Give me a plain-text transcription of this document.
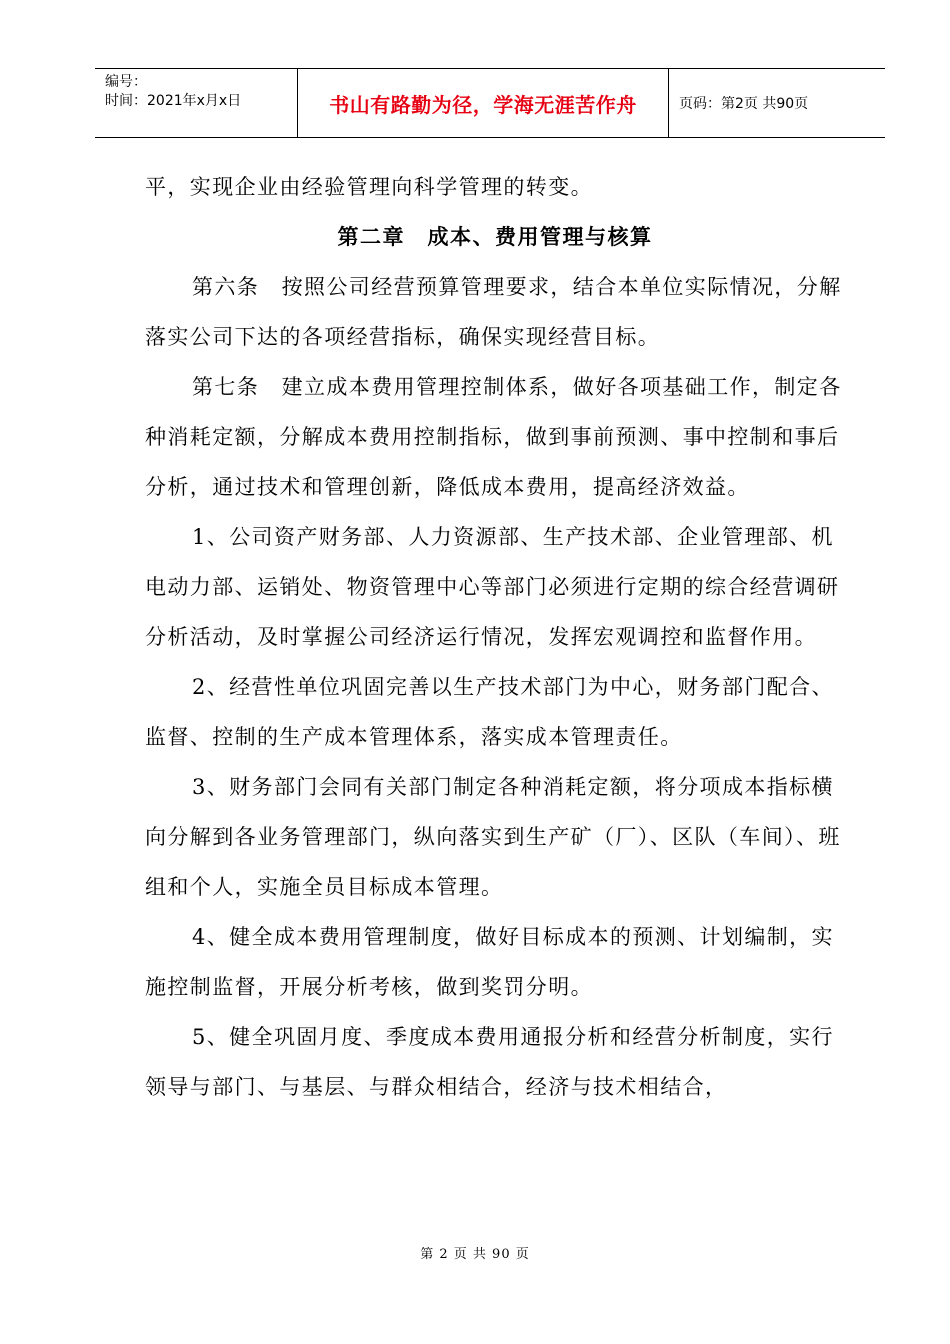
编号：
时间：2021年x月x日	书山有路勤为径，学海无涯苦作舟	页码：第2页 共90页

平，实现企业由经验管理向科学管理的转变。

第二章　成本、费用管理与核算

第六条　按照公司经营预算管理要求，结合本单位实际情况，分解落实公司下达的各项经营指标，确保实现经营目标。

第七条　建立成本费用管理控制体系，做好各项基础工作，制定各种消耗定额，分解成本费用控制指标，做到事前预测、事中控制和事后分析，通过技术和管理创新，降低成本费用，提高经济效益。

1、公司资产财务部、人力资源部、生产技术部、企业管理部、机电动力部、运销处、物资管理中心等部门必须进行定期的综合经营调研分析活动，及时掌握公司经济运行情况，发挥宏观调控和监督作用。

2、经营性单位巩固完善以生产技术部门为中心，财务部门配合、监督、控制的生产成本管理体系，落实成本管理责任。

3、财务部门会同有关部门制定各种消耗定额，将分项成本指标横向分解到各业务管理部门，纵向落实到生产矿（厂）、区队（车间）、班组和个人，实施全员目标成本管理。

4、健全成本费用管理制度，做好目标成本的预测、计划编制，实施控制监督，开展分析考核，做到奖罚分明。

5、健全巩固月度、季度成本费用通报分析和经营分析制度，实行领导与部门、与基层、与群众相结合，经济与技术相结合，

第 2 页 共 90 页
